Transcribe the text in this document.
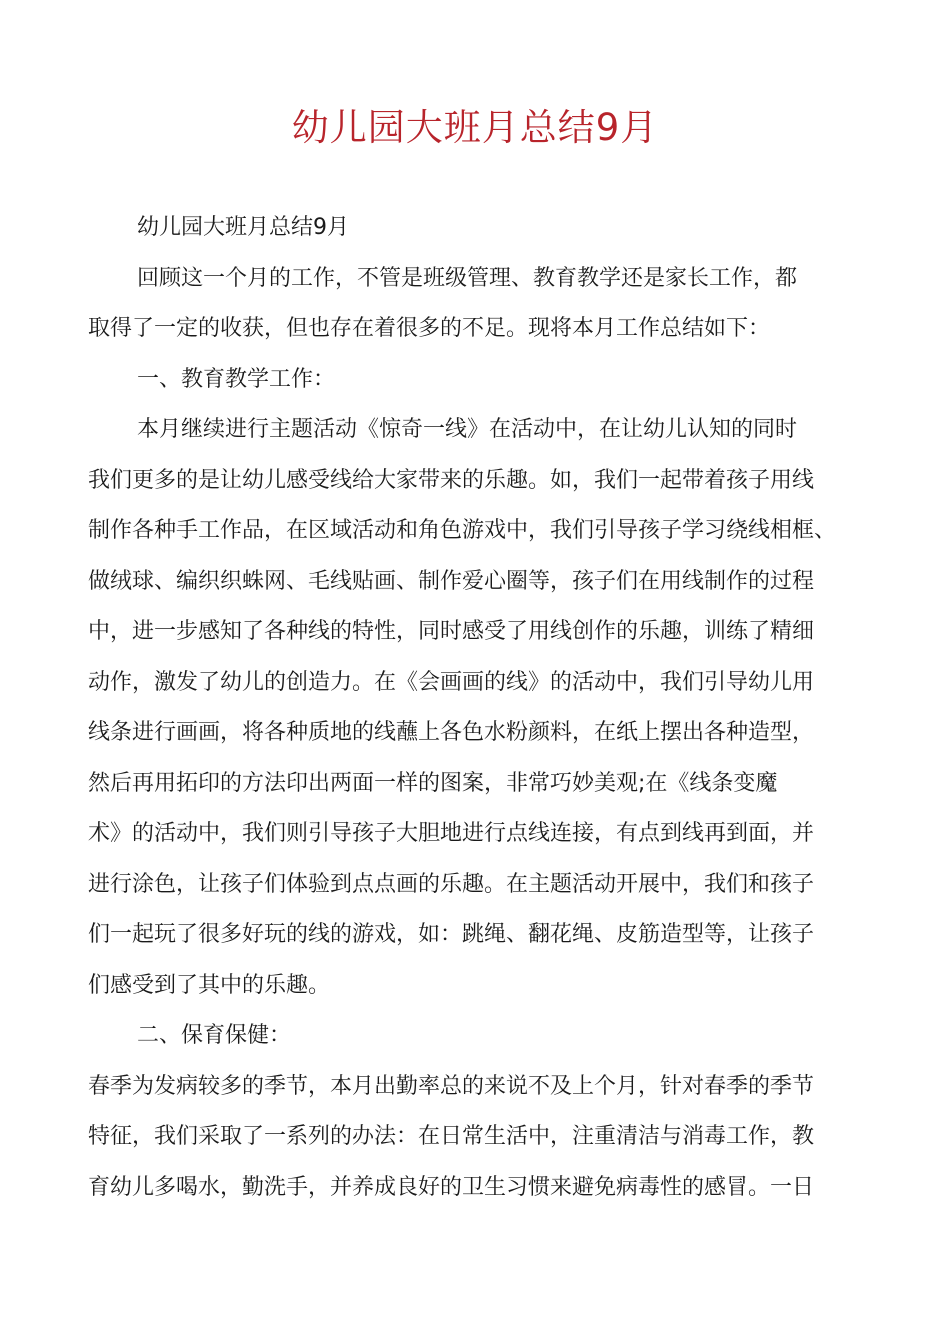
幼儿园大班月总结9月
幼儿园大班月总结9月
回顾这一个月的工作，不管是班级管理、教育教学还是家长工作，都
取得了一定的收获，但也存在着很多的不足。现将本月工作总结如下：
一、教育教学工作：
本月继续进行主题活动《惊奇一线》在活动中，在让幼儿认知的同时
我们更多的是让幼儿感受线给大家带来的乐趣。如，我们一起带着孩子用线
制作各种手工作品，在区域活动和角色游戏中，我们引导孩子学习绕线相框、
做绒球、编织织蛛网、毛线贴画、制作爱心圈等，孩子们在用线制作的过程
中，进一步感知了各种线的特性，同时感受了用线创作的乐趣，训练了精细
动作，激发了幼儿的创造力。在《会画画的线》的活动中，我们引导幼儿用
线条进行画画，将各种质地的线蘸上各色水粉颜料，在纸上摆出各种造型，
然后再用拓印的方法印出两面一样的图案，非常巧妙美观;在《线条变魔
术》的活动中，我们则引导孩子大胆地进行点线连接，有点到线再到面，并
进行涂色，让孩子们体验到点点画的乐趣。在主题活动开展中，我们和孩子
们一起玩了很多好玩的线的游戏，如：跳绳、翻花绳、皮筋造型等，让孩子
们感受到了其中的乐趣。
二、保育保健：
春季为发病较多的季节，本月出勤率总的来说不及上个月，针对春季的季节
特征，我们采取了一系列的办法：在日常生活中，注重清洁与消毒工作，教
育幼儿多喝水，勤洗手，并养成良好的卫生习惯来避免病毒性的感冒。一日
